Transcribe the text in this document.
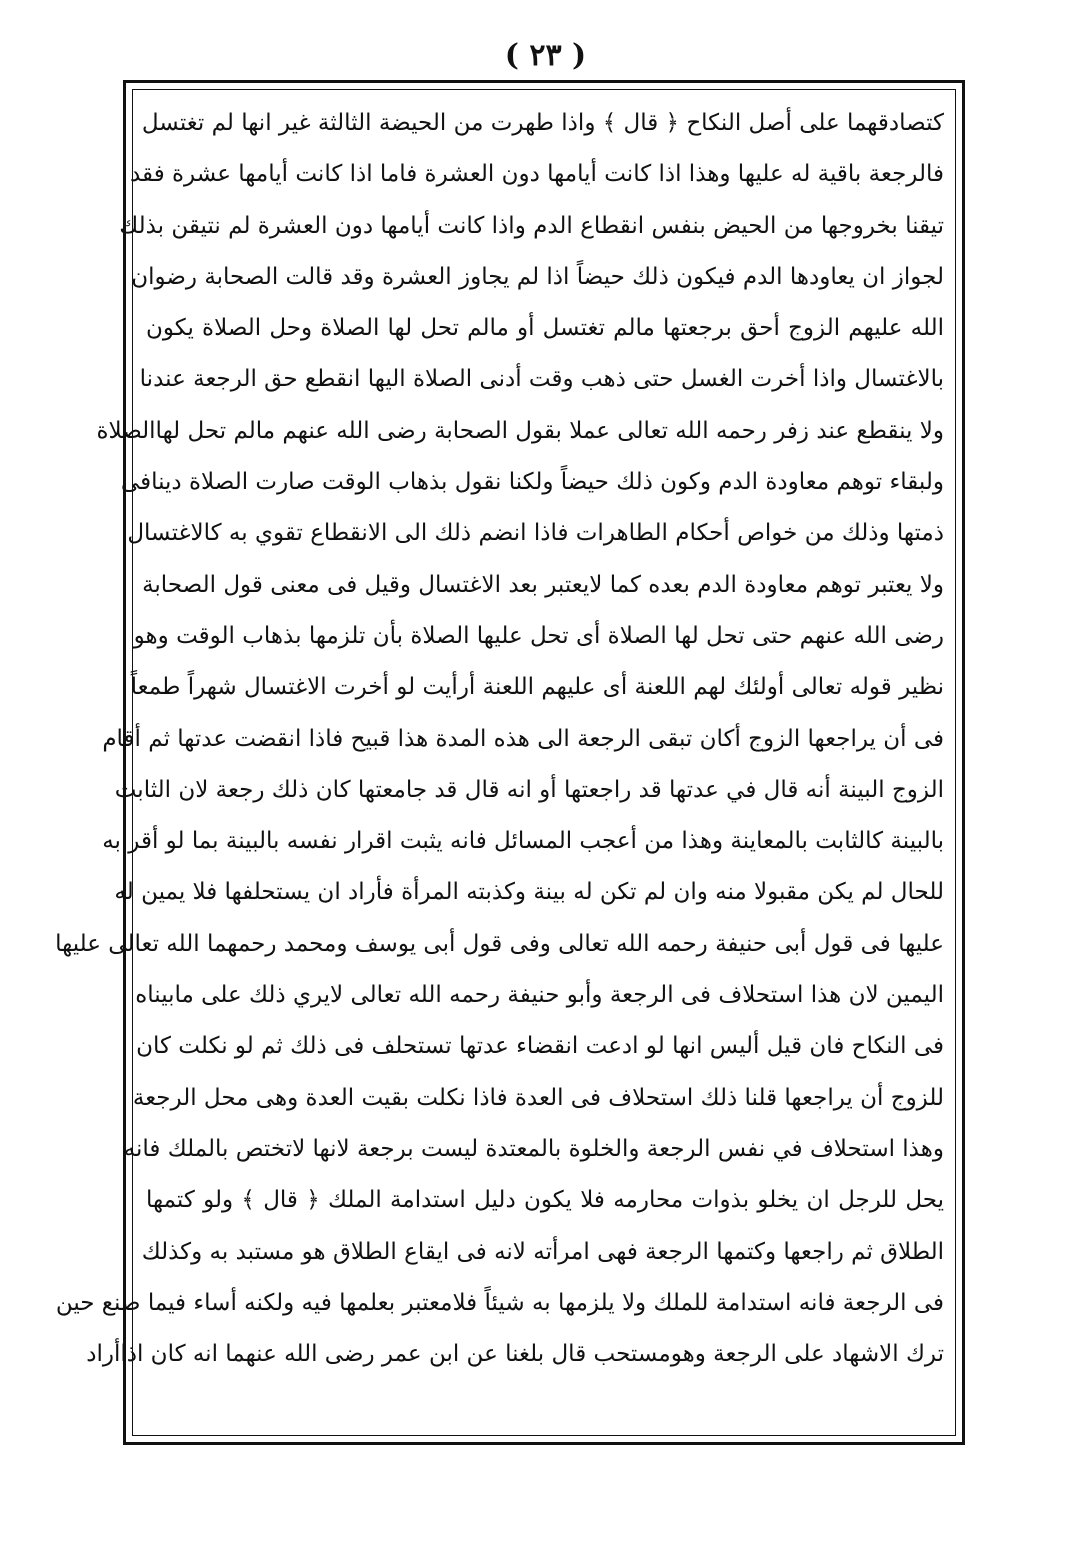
( ٢٣ )
كتصادقهما على أصل النكاح ﴿ قال ﴾ واذا طهرت من الحيضة الثالثة غير انها لم تغتسل
فالرجعة باقية له عليها وهذا اذا كانت أيامها دون العشرة فاما اذا كانت أيامها عشرة فقد
تيقنا بخروجها من الحيض بنفس انقطاع الدم واذا كانت أيامها دون العشرة لم نتيقن بذلك
لجواز ان يعاودها الدم فيكون ذلك حيضاً اذا لم يجاوز العشرة وقد قالت الصحابة رضوان
الله عليهم الزوج أحق برجعتها مالم تغتسل أو مالم تحل لها الصلاة وحل الصلاة يكون
بالاغتسال واذا أخرت الغسل حتى ذهب وقت أدنى الصلاة اليها انقطع حق الرجعة عندنا
ولا ينقطع عند زفر رحمه الله تعالى عملا بقول الصحابة رضى الله عنهم مالم تحل لهاالصلاة
ولبقاء توهم معاودة الدم وكون ذلك حيضاً ولكنا نقول بذهاب الوقت صارت الصلاة دينافى
ذمتها وذلك من خواص أحكام الطاهرات فاذا انضم ذلك الى الانقطاع تقوي به كالاغتسال
ولا يعتبر توهم معاودة الدم بعده كما لايعتبر بعد الاغتسال وقيل فى معنى قول الصحابة
رضى الله عنهم حتى تحل لها الصلاة أى تحل عليها الصلاة بأن تلزمها بذهاب الوقت وهو
نظير قوله تعالى أولئك لهم اللعنة أى عليهم اللعنة أرأيت لو أخرت الاغتسال شهراً طمعاً
فى أن يراجعها الزوج أكان تبقى الرجعة الى هذه المدة هذا قبيح فاذا انقضت عدتها ثم أقام
الزوج البينة أنه قال في عدتها قد راجعتها أو انه قال قد جامعتها كان ذلك رجعة لان الثابت
بالبينة كالثابت بالمعاينة وهذا من أعجب المسائل فانه يثبت اقرار نفسه بالبينة بما لو أقر به
للحال لم يكن مقبولا منه وان لم تكن له بينة وكذبته المرأة فأراد ان يستحلفها فلا يمين له
عليها فى قول أبى حنيفة رحمه الله تعالى وفى قول أبى يوسف ومحمد رحمهما الله تعالى عليها
اليمين لان هذا استحلاف فى الرجعة وأبو حنيفة رحمه الله تعالى لايري ذلك على مابيناه
فى النكاح فان قيل أليس انها لو ادعت انقضاء عدتها تستحلف فى ذلك ثم لو نكلت كان
للزوج أن يراجعها قلنا ذلك استحلاف فى العدة فاذا نكلت بقيت العدة وهى محل الرجعة
وهذا استحلاف في نفس الرجعة والخلوة بالمعتدة ليست برجعة لانها لاتختص بالملك فانه
يحل للرجل ان يخلو بذوات محارمه فلا يكون دليل استدامة الملك ﴿ قال ﴾ ولو كتمها
الطلاق ثم راجعها وكتمها الرجعة فهى امرأته لانه فى ايقاع الطلاق هو مستبد به وكذلك
فى الرجعة فانه استدامة للملك ولا يلزمها به شيئاً فلامعتبر بعلمها فيه ولكنه أساء فيما صنع حين
ترك الاشهاد على الرجعة وهومستحب قال بلغنا عن ابن عمر رضى الله عنهما انه كان اذاأراد
